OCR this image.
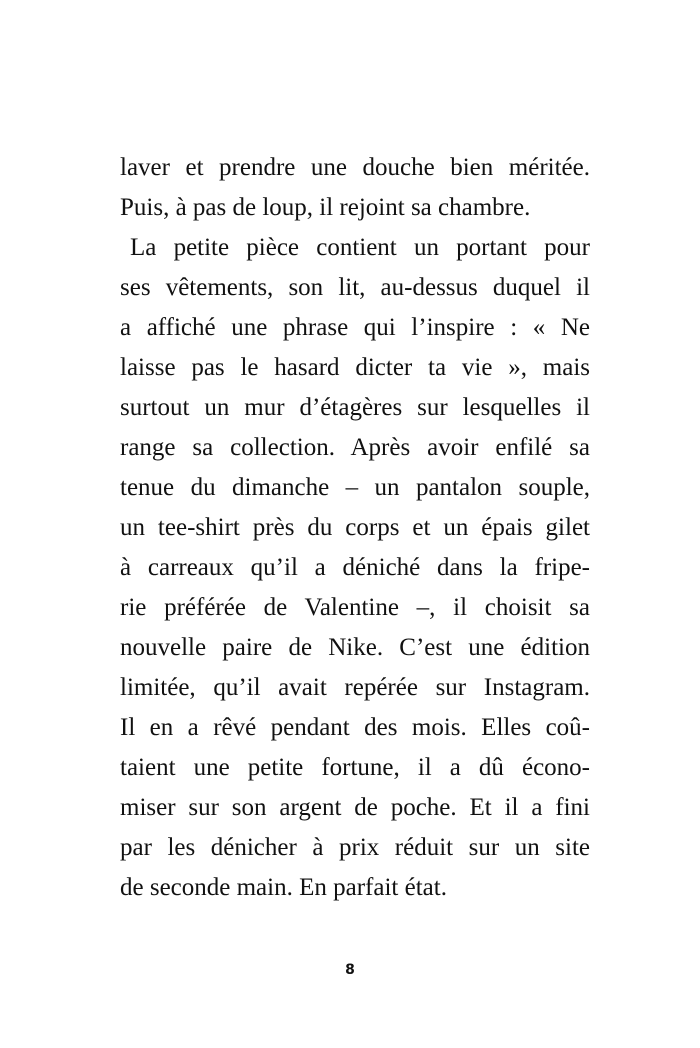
laver et prendre une douche bien méritée.
Puis, à pas de loup, il rejoint sa chambre.
La petite pièce contient un portant pour
ses vêtements, son lit, au-dessus duquel il
a affiché une phrase qui l’inspire : « Ne
laisse pas le hasard dicter ta vie », mais
surtout un mur d’étagères sur lesquelles il
range sa collection. Après avoir enfilé sa
tenue du dimanche – un pantalon souple,
un tee-shirt près du corps et un épais gilet
à carreaux qu’il a déniché dans la fripe-
rie préférée de Valentine –, il choisit sa
nouvelle paire de Nike. C’est une édition
limitée, qu’il avait repérée sur Instagram.
Il en a rêvé pendant des mois. Elles coû-
taient une petite fortune, il a dû écono-
miser sur son argent de poche. Et il a fini
par les dénicher à prix réduit sur un site
de seconde main. En parfait état.
8
